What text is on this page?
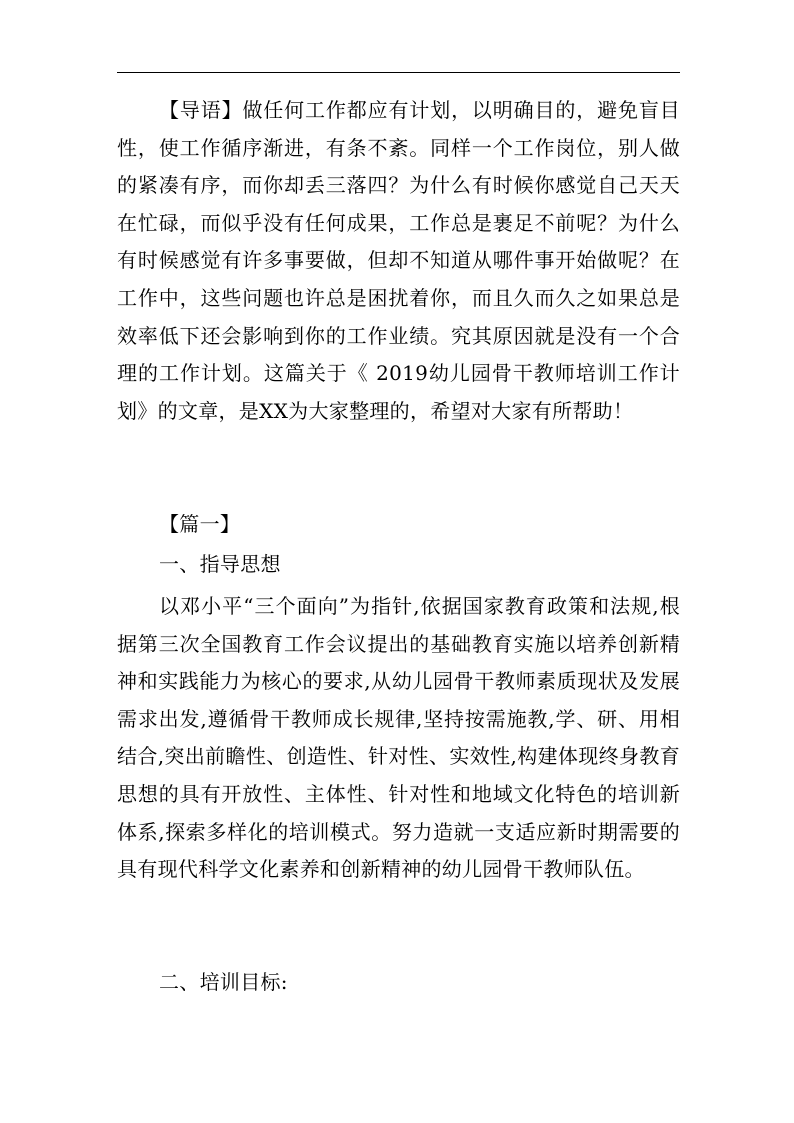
【导语】做任何工作都应有计划，以明确目的，避免盲目性，使工作循序渐进，有条不紊。同样一个工作岗位，别人做的紧凑有序，而你却丢三落四？为什么有时候你感觉自己天天在忙碌，而似乎没有任何成果，工作总是裹足不前呢？为什么有时候感觉有许多事要做，但却不知道从哪件事开始做呢？在工作中，这些问题也许总是困扰着你，而且久而久之如果总是效率低下还会影响到你的工作业绩。究其原因就是没有一个合理的工作计划。这篇关于《 2019幼儿园骨干教师培训工作计划》的文章，是XX为大家整理的，希望对大家有所帮助！

【篇一】

一、指导思想

以邓小平“三个面向”为指针,依据国家教育政策和法规,根据第三次全国教育工作会议提出的基础教育实施以培养创新精神和实践能力为核心的要求,从幼儿园骨干教师素质现状及发展需求出发,遵循骨干教师成长规律,坚持按需施教,学、研、用相结合,突出前瞻性、创造性、针对性、实效性,构建体现终身教育思想的具有开放性、主体性、针对性和地域文化特色的培训新体系,探索多样化的培训模式。努力造就一支适应新时期需要的具有现代科学文化素养和创新精神的幼儿园骨干教师队伍。

二、培训目标:
